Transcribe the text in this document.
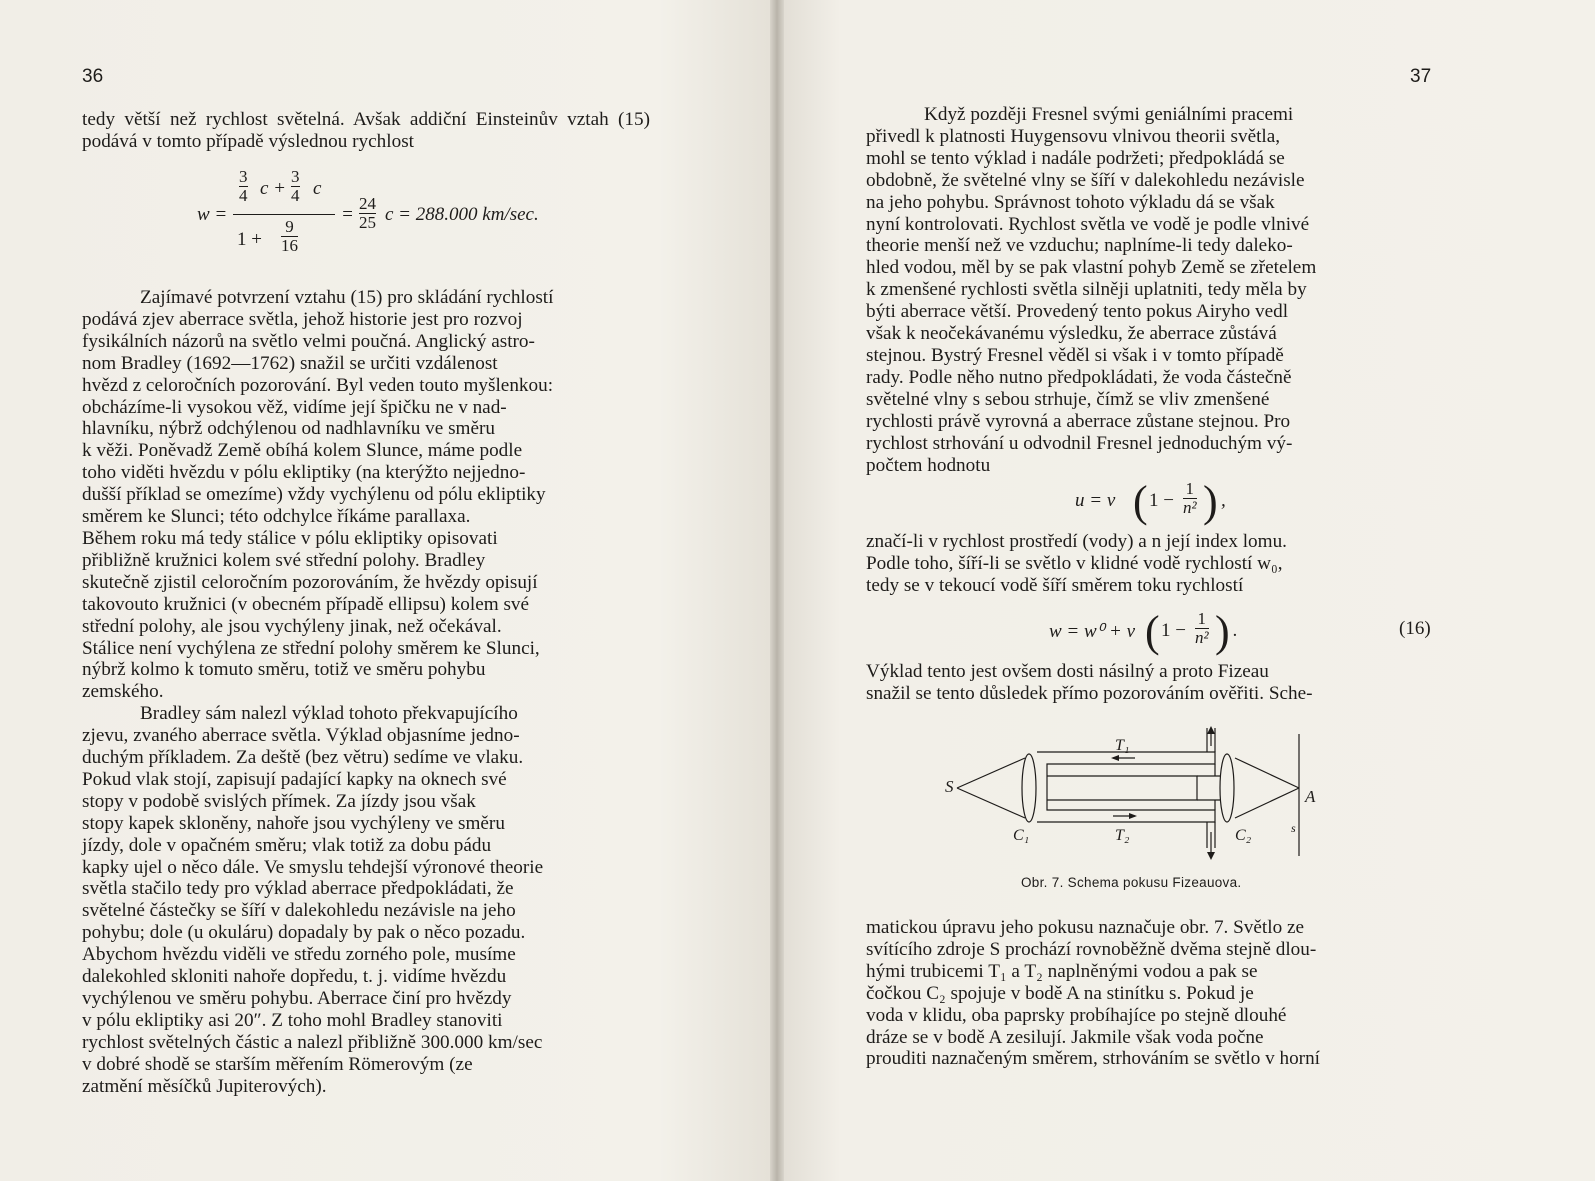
36

tedy větší než rychlost světelná. Avšak addiční Einsteinův vztah (15) podává v tomto případě výslednou rychlost

$w = \frac{\frac{3}{4} c + \frac{3}{4} c}{1 + \frac{9}{16}} = \frac{24}{25}$ c = 288.000 km/sec.

Zajímavé potvrzení vztahu (15) pro skládání rychlostí

podává zjev aberrace světla, jehož historie jest pro rozvoj

fysikálních názorů na světlo velmi poučná. Anglický astro-

nom Bradley (1692—1762) snažil se určiti vzdálenost

hvězd z celoročních pozorování. Byl veden touto myšlenkou:

obcházíme-li vysokou věž, vidíme její špičku ne v nad-

hlavníku, nýbrž odchýlenou od nadhlavníku ve směru

k věži. Poněvadž Země obíhá kolem Slunce, máme podle

toho viděti hvězdu v pólu ekliptiky (na kterýžto nejjedno-

dušší příklad se omezíme) vždy vychýlenu od pólu ekliptiky

směrem ke Slunci; této odchylce říkáme parallaxa.

Během roku má tedy stálice v pólu ekliptiky opisovati

přibližně kružnici kolem své střední polohy. Bradley

skutečně zjistil celoročním pozorováním, že hvězdy opisují

takovouto kružnici (v obecném případě ellipsu) kolem své

střední polohy, ale jsou vychýleny jinak, než očekával.

Stálice není vychýlena ze střední polohy směrem ke Slunci,

nýbrž kolmo k tomuto směru, totiž ve směru pohybu

zemského.

Bradley sám nalezl výklad tohoto překvapujícího

zjevu, zvaného aberrace světla. Výklad objasníme jedno-

duchým příkladem. Za deště (bez větru) sedíme ve vlaku.

Pokud vlak stojí, zapisují padající kapky na oknech své

stopy v podobě svislých přímek. Za jízdy jsou však

stopy kapek skloněny, nahoře jsou vychýleny ve směru

jízdy, dole v opačném směru; vlak totiž za dobu pádu

kapky ujel o něco dále. Ve smyslu tehdejší výronové theorie

světla stačilo tedy pro výklad aberrace předpokládati, že

světelné částečky se šíří v dalekohledu nezávisle na jeho

pohybu; dole (u okuláru) dopadaly by pak o něco pozadu.

Abychom hvězdu viděli ve středu zorného pole, musíme

dalekohled skloniti nahoře dopředu, t. j. vidíme hvězdu

vychýlenou ve směru pohybu. Aberrace činí pro hvězdy

v pólu ekliptiky asi 20″. Z toho mohl Bradley stanoviti

rychlost světelných částic a nalezl přibližně 300.000 km/sec

v dobré shodě se starším měřením Römerovým (ze

zatmění měsíčků Jupiterových).

37

Když později Fresnel svými geniálními pracemi

přivedl k platnosti Huygensovu vlnivou theorii světla,

mohl se tento výklad i nadále podržeti; předpokládá se

obdobně, že světelné vlny se šíří v dalekohledu nezávisle

na jeho pohybu. Správnost tohoto výkladu dá se však

nyní kontrolovati. Rychlost světla ve vodě je podle vlnivé

theorie menší než ve vzduchu; naplníme-li tedy daleko-

hled vodou, měl by se pak vlastní pohyb Země se zřetelem

k zmenšené rychlosti světla silněji uplatniti, tedy měla by

býti aberrace větší. Provedený tento pokus Airyho vedl

však k neočekávanému výsledku, že aberrace zůstává

stejnou. Bystrý Fresnel věděl si však i v tomto případě

rady. Podle něho nutno předpokládati, že voda částečně

světelné vlny s sebou strhuje, čímž se vliv zmenšené

rychlosti právě vyrovná a aberrace zůstane stejnou. Pro

rychlost strhování u odvodnil Fresnel jednoduchým vý-

počtem hodnotu

u = v ( $1 - \frac{1}{\text{n²}}$ ) ,

značí-li v rychlost prostředí (vody) a n její index lomu.

Podle toho, šíří-li se světlo v klidné vodě rychlostí w₀,

tedy se v tekoucí vodě šíří směrem toku rychlostí

w = w⁰ + v ( $1 - \frac{1}{\text{n²}}$ ) .	(16)

Výklad tento jest ovšem dosti násilný a proto Fizeau

snažil se tento důsledek přímo pozorováním ověřiti. Sche-

S
T₁
T₂
C₁	C₂
A
s
Obr. 7. Schema pokusu Fizeauova.

matickou úpravu jeho pokusu naznačuje obr. 7. Světlo ze

svítícího zdroje S prochází rovnoběžně dvěma stejně dlou-

hými trubicemi T₁ a T₂ naplněnými vodou a pak se

čočkou C₂ spojuje v bodě A na stinítku s. Pokud je

voda v klidu, oba paprsky probíhajíce po stejně dlouhé

dráze se v bodě A zesilují. Jakmile však voda počne

prouditi naznačeným směrem, strhováním se světlo v horní
